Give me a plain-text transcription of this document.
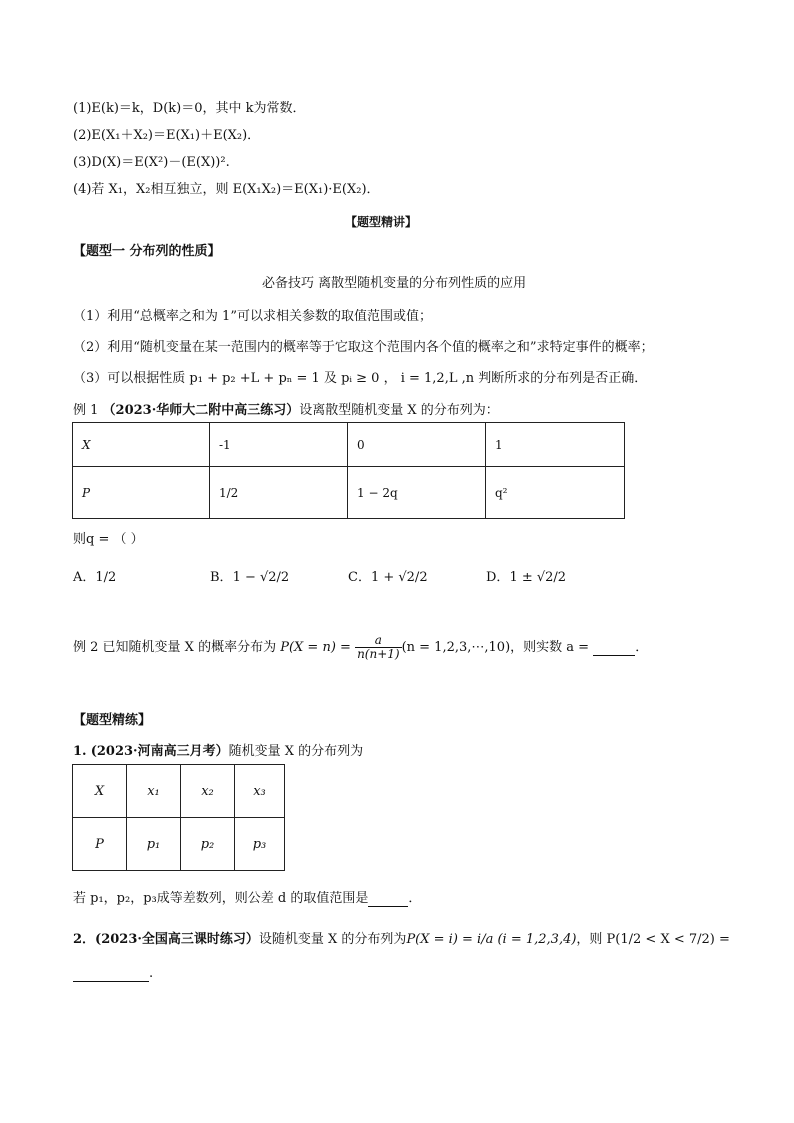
(1)E(k)＝k，D(k)＝0，其中 k为常数．
(2)E(X₁＋X₂)＝E(X₁)＋E(X₂)．
(3)D(X)＝E(X²)－(E(X))².
(4)若 X₁，X₂相互独立，则 E(X₁X₂)＝E(X₁)·E(X₂)．
【题型精讲】
【题型一 分布列的性质】
必备技巧 离散型随机变量的分布列性质的应用
（1）利用“总概率之和为 1”可以求相关参数的取值范围或值；
（2）利用“随机变量在某一范围内的概率等于它取这个范围内各个值的概率之和”求特定事件的概率；
（3）可以根据性质 p₁ + p₂ +L + pₙ = 1 及 pᵢ ≥ 0 ， i = 1,2,L ,n 判断所求的分布列是否正确．
例 1 （2023·华师大二附中高三练习）设离散型随机变量 X 的分布列为：
X	-1	0	1
P	1/2	1 − 2q	q²
则q = （ ）
A．1/2	B．1 − √2/2	C．1 + √2/2	D．1 ± √2/2
例 2 已知随机变量 X 的概率分布为 $P(X = n) = \frac{a}{n(n+1)} (n$ = 1,2,3,⋯,10)，则实数 a =	．
【题型精练】
1. (2023·河南高三月考）随机变量 X 的分布列为
X	x₁	x₂	x₃
P	p₁	p₂	p₃
若 p₁，p₂，p₃成等差数列，则公差 d 的取值范围是	．
2．(2023·全国高三课时练习）设随机变量 X 的分布列为P(X = i) = i/a (i = 1,2,3,4)，则 P(1/2 < X < 7/2) =
.
